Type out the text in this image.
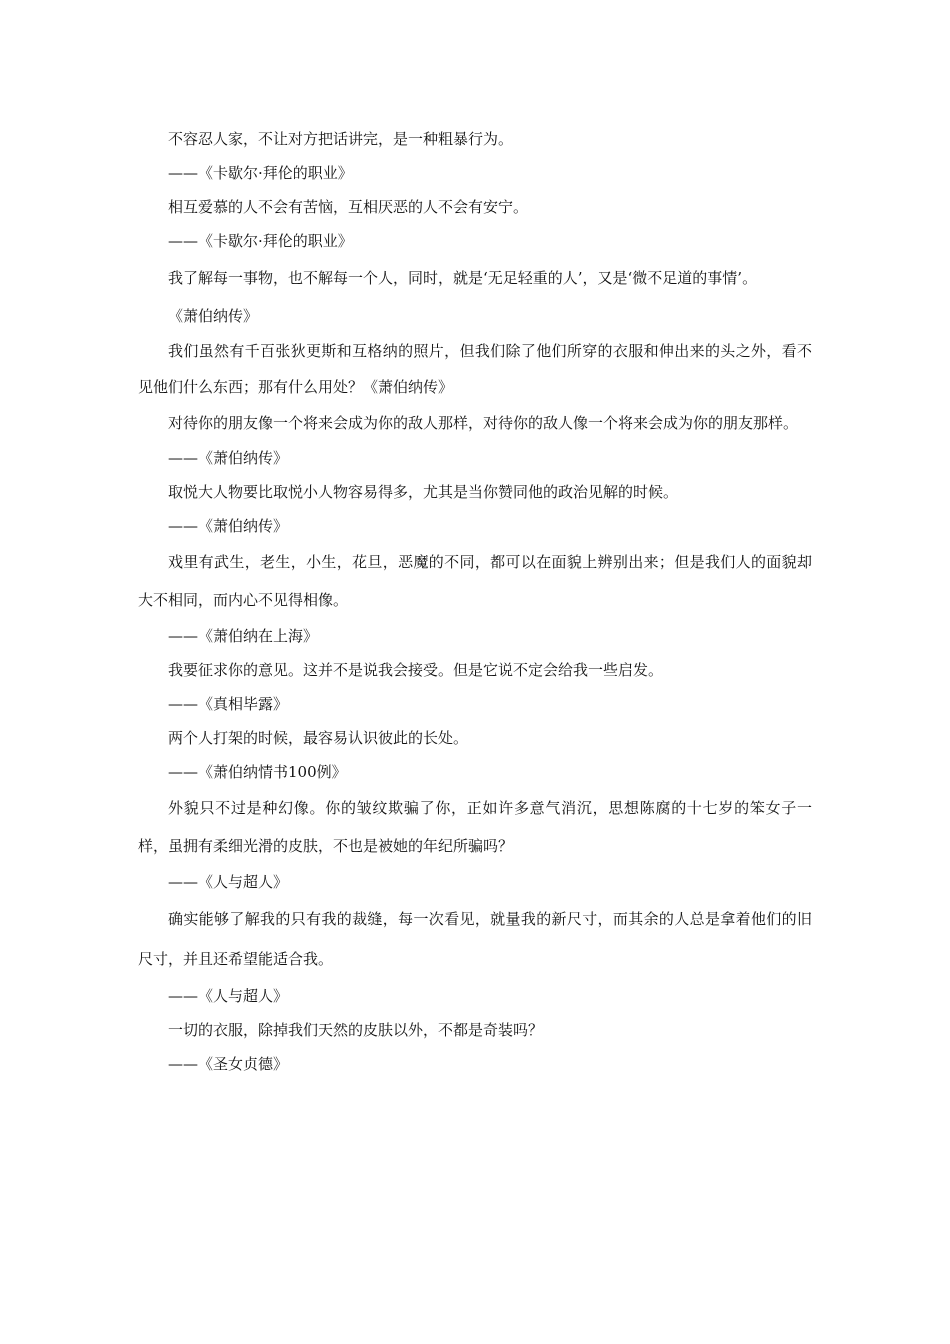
不容忍人家，不让对方把话讲完，是一种粗暴行为。

——《卡歇尔·拜伦的职业》

相互爱慕的人不会有苦恼，互相厌恶的人不会有安宁。

——《卡歇尔·拜伦的职业》

我了解每一事物，也不解每一个人，同时，就是‘无足轻重的人’，又是‘微不足道的事情’。

《萧伯纳传》

我们虽然有千百张狄更斯和互格纳的照片，但我们除了他们所穿的衣服和伸出来的头之外，看不见他们什么东西；那有什么用处？《萧伯纳传》

对待你的朋友像一个将来会成为你的敌人那样，对待你的敌人像一个将来会成为你的朋友那样。

——《萧伯纳传》

取悦大人物要比取悦小人物容易得多，尤其是当你赞同他的政治见解的时候。

——《萧伯纳传》

戏里有武生，老生，小生，花旦，恶魔的不同，都可以在面貌上辨别出来；但是我们人的面貌却大不相同，而内心不见得相像。

——《萧伯纳在上海》

我要征求你的意见。这并不是说我会接受。但是它说不定会给我一些启发。

——《真相毕露》

两个人打架的时候，最容易认识彼此的长处。

——《萧伯纳情书100例》

外貌只不过是种幻像。你的皱纹欺骗了你，正如许多意气消沉，思想陈腐的十七岁的笨女子一样，虽拥有柔细光滑的皮肤，不也是被她的年纪所骗吗？

——《人与超人》

确实能够了解我的只有我的裁缝，每一次看见，就量我的新尺寸，而其余的人总是拿着他们的旧尺寸，并且还希望能适合我。

——《人与超人》

一切的衣服，除掉我们天然的皮肤以外，不都是奇装吗？

——《圣女贞德》
